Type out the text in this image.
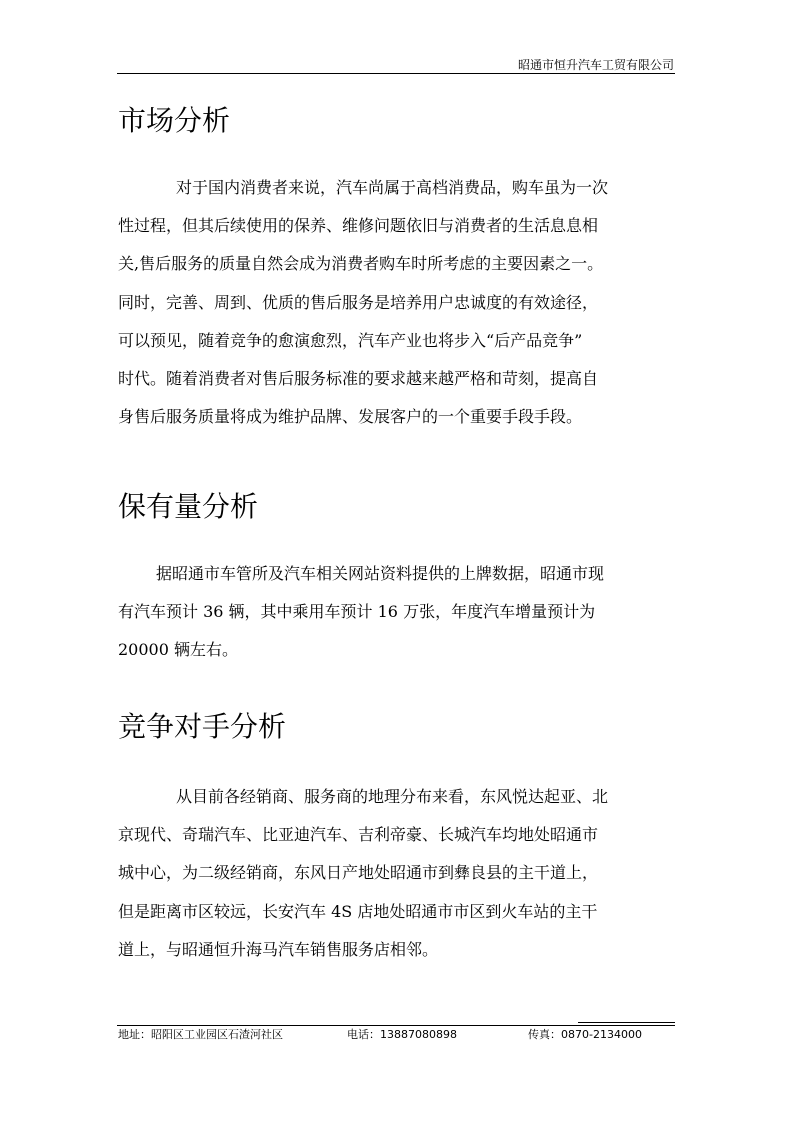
昭通市恒升汽车工贸有限公司
市场分析
对于国内消费者来说，汽车尚属于高档消费品，购车虽为一次
性过程，但其后续使用的保养、维修问题依旧与消费者的生活息息相
关,售后服务的质量自然会成为消费者购车时所考虑的主要因素之一。
同时，完善、周到、优质的售后服务是培养用户忠诚度的有效途径，
可以预见，随着竞争的愈演愈烈，汽车产业也将步入“后产品竞争”
时代。随着消费者对售后服务标准的要求越来越严格和苛刻，提高自
身售后服务质量将成为维护品牌、发展客户的一个重要手段手段。
保有量分析
据昭通市车管所及汽车相关网站资料提供的上牌数据，昭通市现
有汽车预计 36 辆，其中乘用车预计 16 万张，年度汽车增量预计为
20000 辆左右。
竞争对手分析
从目前各经销商、服务商的地理分布来看，东风悦达起亚、北
京现代、奇瑞汽车、比亚迪汽车、吉利帝豪、长城汽车均地处昭通市
城中心，为二级经销商，东风日产地处昭通市到彝良县的主干道上，
但是距离市区较远，长安汽车 4S 店地处昭通市市区到火车站的主干
道上，与昭通恒升海马汽车销售服务店相邻。
地址：昭阳区工业园区石渣河社区	电话：13887080898	传真：0870-2134000
